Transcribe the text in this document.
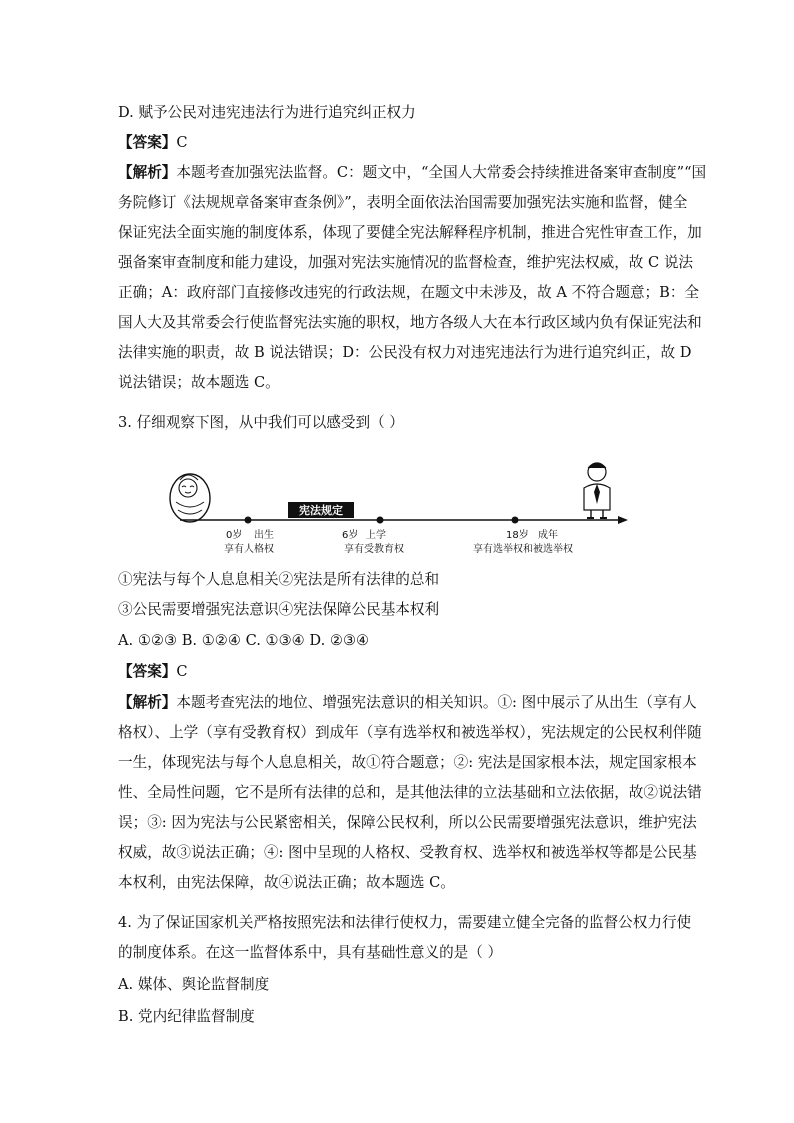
D. 赋予公民对违宪违法行为进行追究纠正权力
【答案】C
【解析】本题考查加强宪法监督。C：题文中，“全国人大常委会持续推进备案审查制度”“国
务院修订《法规规章备案审查条例》”，表明全面依法治国需要加强宪法实施和监督，健全
保证宪法全面实施的制度体系，体现了要健全宪法解释程序机制，推进合宪性审查工作，加
强备案审查制度和能力建设，加强对宪法实施情况的监督检查，维护宪法权威，故 C 说法
正确；A：政府部门直接修改违宪的行政法规，在题文中未涉及，故 A 不符合题意；B：全
国人大及其常委会行使监督宪法实施的职权，地方各级人大在本行政区域内负有保证宪法和
法律实施的职责，故 B 说法错误；D：公民没有权力对违宪违法行为进行追究纠正，故 D
说法错误；故本题选 C。
3. 仔细观察下图，从中我们可以感受到（ ）
宪法规定
0岁 出生
享有人格权
6岁 上学
享有受教育权
18岁 成年
享有选举权和被选举权
①宪法与每个人息息相关②宪法是所有法律的总和
③公民需要增强宪法意识④宪法保障公民基本权利
A. ①②③ B. ①②④ C. ①③④ D. ②③④
【答案】C
【解析】本题考查宪法的地位、增强宪法意识的相关知识。①: 图中展示了从出生（享有人
格权）、上学（享有受教育权）到成年（享有选举权和被选举权），宪法规定的公民权利伴随
一生，体现宪法与每个人息息相关，故①符合题意；②: 宪法是国家根本法，规定国家根本
性、全局性问题，它不是所有法律的总和，是其他法律的立法基础和立法依据，故②说法错
误；③: 因为宪法与公民紧密相关，保障公民权利，所以公民需要增强宪法意识，维护宪法
权威，故③说法正确；④: 图中呈现的人格权、受教育权、选举权和被选举权等都是公民基
本权利，由宪法保障，故④说法正确；故本题选 C。
4. 为了保证国家机关严格按照宪法和法律行使权力，需要建立健全完备的监督公权力行使
的制度体系。在这一监督体系中，具有基础性意义的是（ ）
A. 媒体、舆论监督制度
B. 党内纪律监督制度
